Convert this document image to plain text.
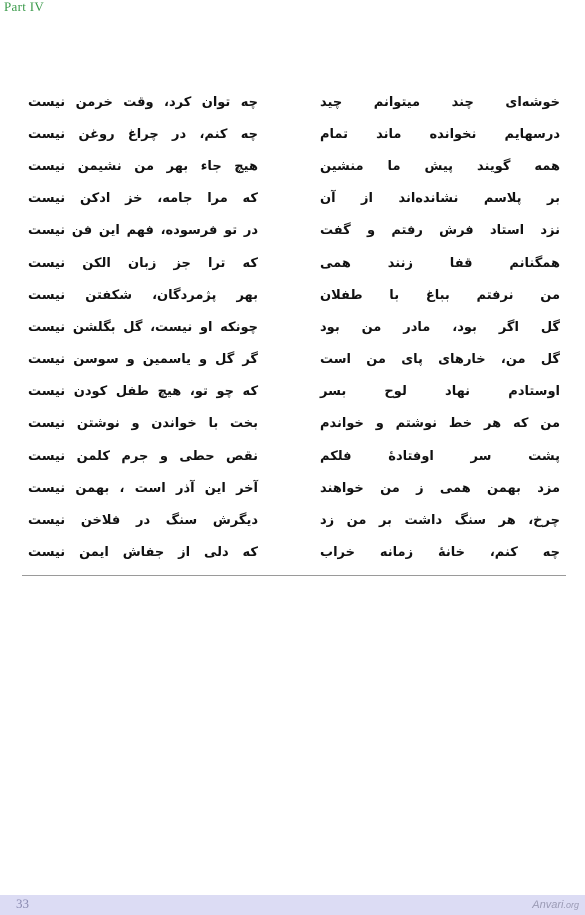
Part IV
خوشه‌ای چند میتوانم چید
چه توان کرد، وقت خرمن نیست
درسهایم نخوانده ماند تمام
چه کنم، در چراغ روغن نیست
همه گویند پیش ما منشین
هیچ جاء بهر من نشیمن نیست
بر پلاسم نشانده‌اند از آن
که مرا جامه، خز ادکن نیست
نزد استاد فرش رفتم و گفت
در تو فرسوده، فهم این فن نیست
همگنانم قفا زنند همی
که ترا جز زبان الکن نیست
من نرفتم بباغ با طفلان
بهر پژمردگان، شکفتن نیست
گل اگر بود، مادر من بود
چونکه او نیست، گل بگلشن نیست
گل من، خارهای پای من است
گر گل و یاسمین و سوسن نیست
اوستادم نهاد لوح بسر
که چو تو، هیچ طفل کودن نیست
من که هر خط نوشتم و خواندم
بخت با خواندن و نوشتن نیست
پشت سر اوفتادهٔ فلکم
نقص حطی و جرم کلمن نیست
مزد بهمن همی ز من خواهند
آخر این آذر است ، بهمن نیست
چرخ، هر سنگ داشت بر من زد
دیگرش سنگ در فلاخن نیست
چه کنم، خانهٔ زمانه خراب
که دلی از جفاش ایمن نیست
33	Anvari.org
